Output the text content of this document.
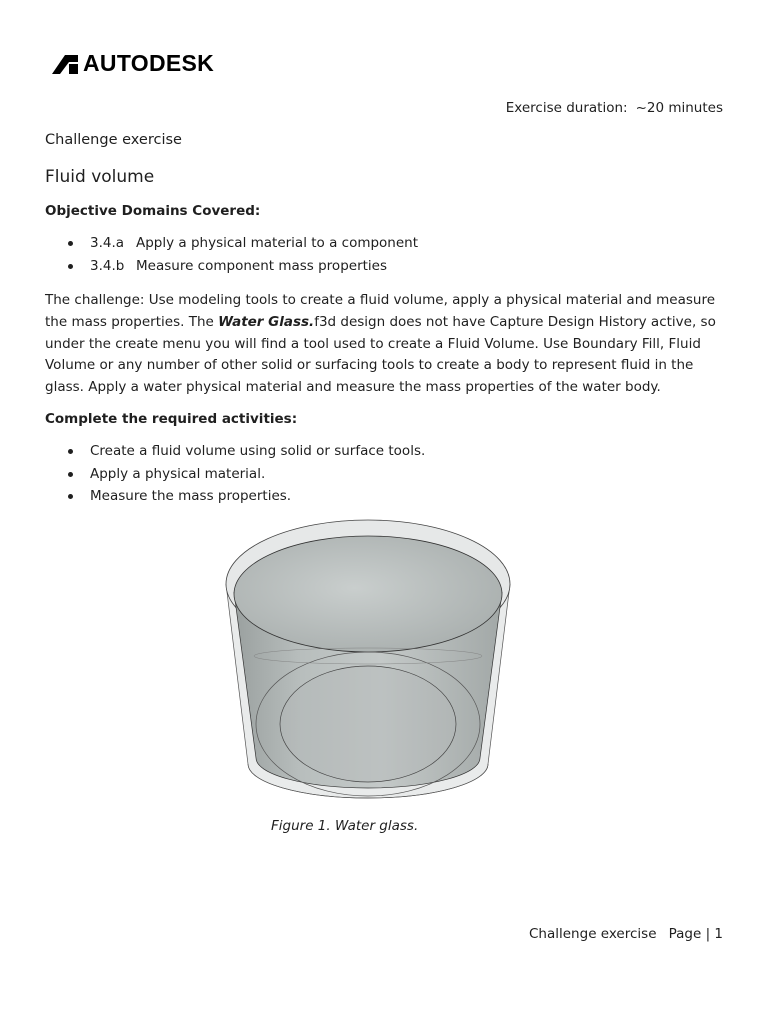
AUTODESK
Exercise duration: ~20 minutes
Challenge exercise
Fluid volume
Objective Domains Covered:
3.4.a Apply a physical material to a component
3.4.b Measure component mass properties

The challenge: Use modeling tools to create a fluid volume, apply a physical material and measure the mass properties. The Water Glass.f3d design does not have Capture Design History active, so under the create menu you will find a tool used to create a Fluid Volume. Use Boundary Fill, Fluid Volume or any number of other solid or surfacing tools to create a body to represent fluid in the glass. Apply a water physical material and measure the mass properties of the water body.

Complete the required activities:
Create a fluid volume using solid or surface tools.
Apply a physical material.
Measure the mass properties.
Figure 1. Water glass.
Challenge exercise Page | 1
